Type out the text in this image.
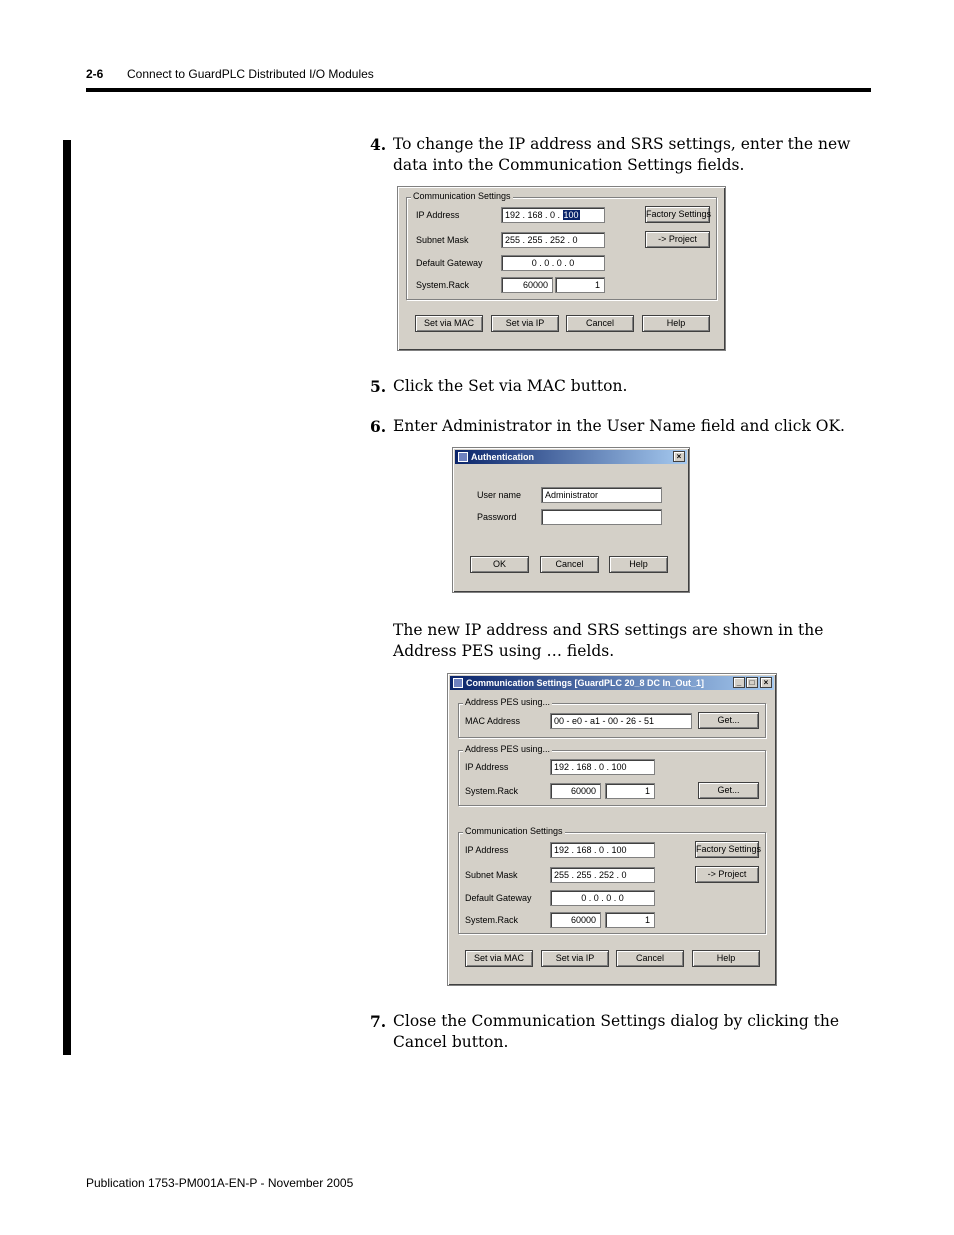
2-6 Connect to GuardPLC Distributed I/O Modules
4. To change the IP address and SRS settings, enter the new data into the Communication Settings fields.
Communication Settings
IP Address	192 . 168 . 0 . 100
Subnet Mask	255 . 255 . 252 . 0
Default Gateway	0 . 0 . 0 . 0
System.Rack	60000	1
Factory Settings
-> Project
Set via MAC	Set via IP	Cancel	Help
5. Click the Set via MAC button.
6. Enter Administrator in the User Name field and click OK.
Authentication	×
User name	Administrator
Password
OK	Cancel	Help
The new IP address and SRS settings are shown in the Address PES using … fields.
Communication Settings [GuardPLC 20_8 DC In_Out_1]	_	□	×
Address PES using...
MAC Address	00 - e0 - a1 - 00 - 26 - 51	Get...
Address PES using...
IP Address	192 . 168 . 0 . 100
System.Rack	60000	1	Get...
Communication Settings
IP Address	192 . 168 . 0 . 100
Subnet Mask	255 . 255 . 252 . 0
Default Gateway	0 . 0 . 0 . 0
System.Rack	60000	1
Factory Settings
-> Project
Set via MAC	Set via IP	Cancel	Help
7. Close the Communication Settings dialog by clicking the Cancel button.
Publication 1753-PM001A-EN-P - November 2005
